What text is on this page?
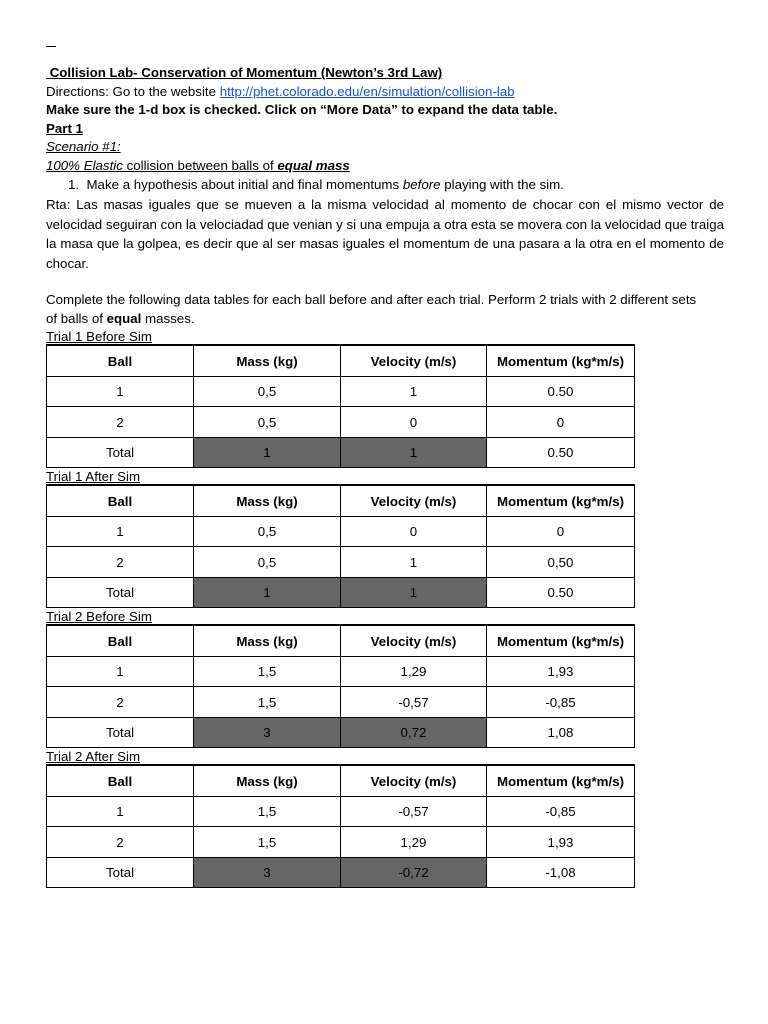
Collision Lab- Conservation of Momentum (Newton’s 3rd Law)
Directions: Go to the website http://phet.colorado.edu/en/simulation/collision-lab
Make sure the 1-d box is checked. Click on “More Data” to expand the data table.
Part 1
Scenario #1:
100% Elastic collision between balls of equal mass
1. Make a hypothesis about initial and final momentums before playing with the sim.
Rta: Las masas iguales que se mueven a la misma velocidad al momento de chocar con el mismo vector de velocidad seguiran con la velociadad que venian y si una empuja a otra esta se movera con la velocidad que traiga la masa que la golpea, es decir que al ser masas iguales el momentum de una pasara a la otra en el momento de chocar.
Complete the following data tables for each ball before and after each trial. Perform 2 trials with 2 different sets of balls of equal masses.
Trial 1 Before Sim
Ball	Mass (kg)	Velocity (m/s)	Momentum (kg*m/s)
1	0,5	1	0.50
2	0,5	0	0
Total	1	1	0.50
Trial 1 After Sim
Ball	Mass (kg)	Velocity (m/s)	Momentum (kg*m/s)
1	0,5	0	0
2	0,5	1	0,50
Total	1	1	0.50
Trial 2 Before Sim
Ball	Mass (kg)	Velocity (m/s)	Momentum (kg*m/s)
1	1,5	1,29	1,93
2	1,5	-0,57	-0,85
Total	3	0,72	1,08
Trial 2 After Sim
Ball	Mass (kg)	Velocity (m/s)	Momentum (kg*m/s)
1	1,5	-0,57	-0,85
2	1,5	1,29	1,93
Total	3	-0,72	-1,08
